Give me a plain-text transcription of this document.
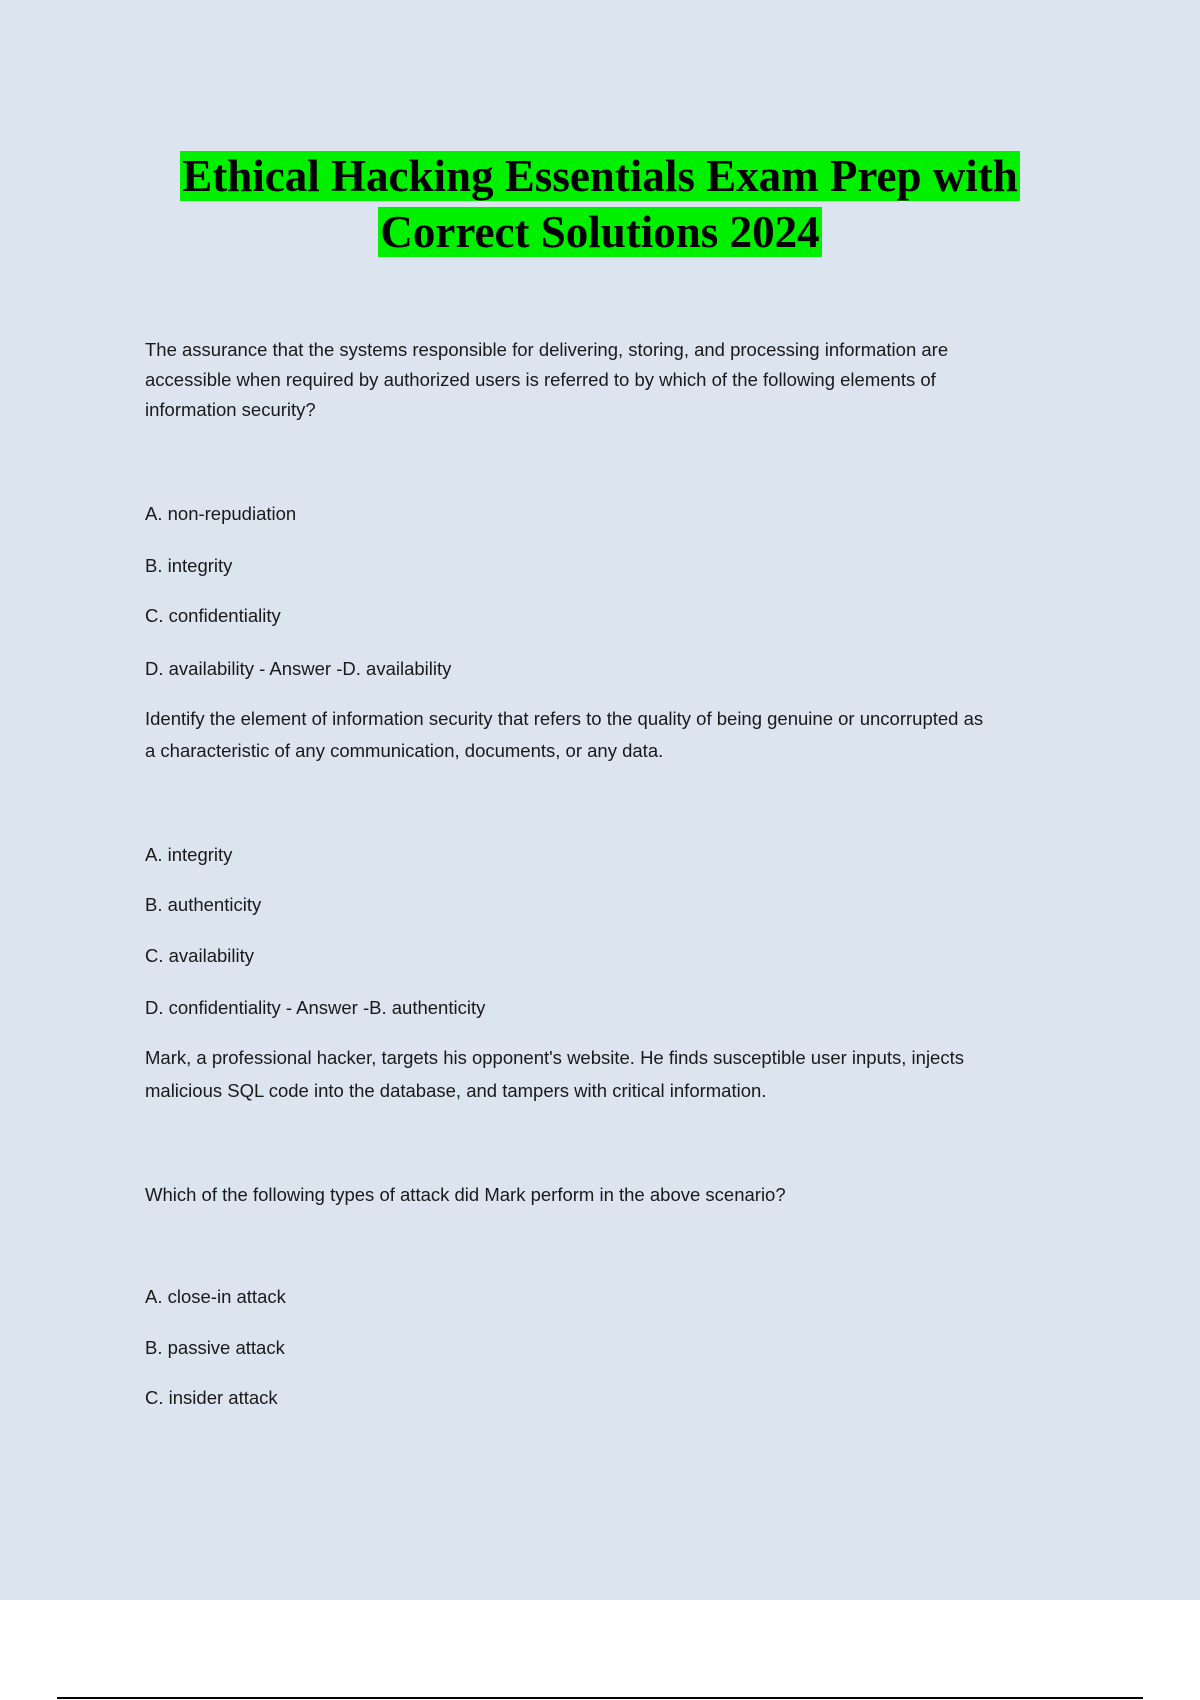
Ethical Hacking Essentials Exam Prep with
Correct Solutions 2024
The assurance that the systems responsible for delivering, storing, and processing information are
accessible when required by authorized users is referred to by which of the following elements of
information security?
A. non-repudiation
B. integrity
C. confidentiality
D. availability - Answer -D. availability
Identify the element of information security that refers to the quality of being genuine or uncorrupted as
a characteristic of any communication, documents, or any data.
A. integrity
B. authenticity
C. availability
D. confidentiality - Answer -B. authenticity
Mark, a professional hacker, targets his opponent's website. He finds susceptible user inputs, injects
malicious SQL code into the database, and tampers with critical information.
Which of the following types of attack did Mark perform in the above scenario?
A. close-in attack
B. passive attack
C. insider attack
